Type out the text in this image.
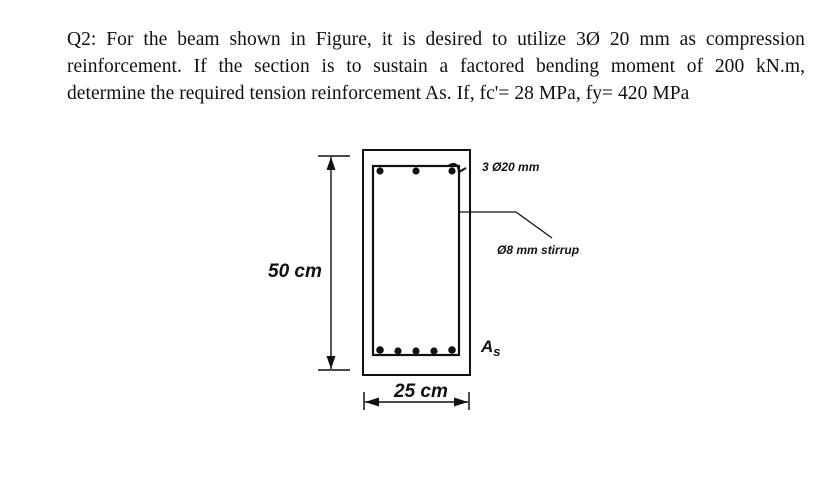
Q2: For the beam shown in Figure, it is desired to utilize 3Ø 20 mm as compression
reinforcement. If the section is to sustain a factored bending moment of 200 kN.m,
determine the required tension reinforcement As. If, fc'= 28 MPa, fy= 420 MPa
50 cm
25 cm
3 Ø20 mm
Ø8 mm stirrup
$A_s$
